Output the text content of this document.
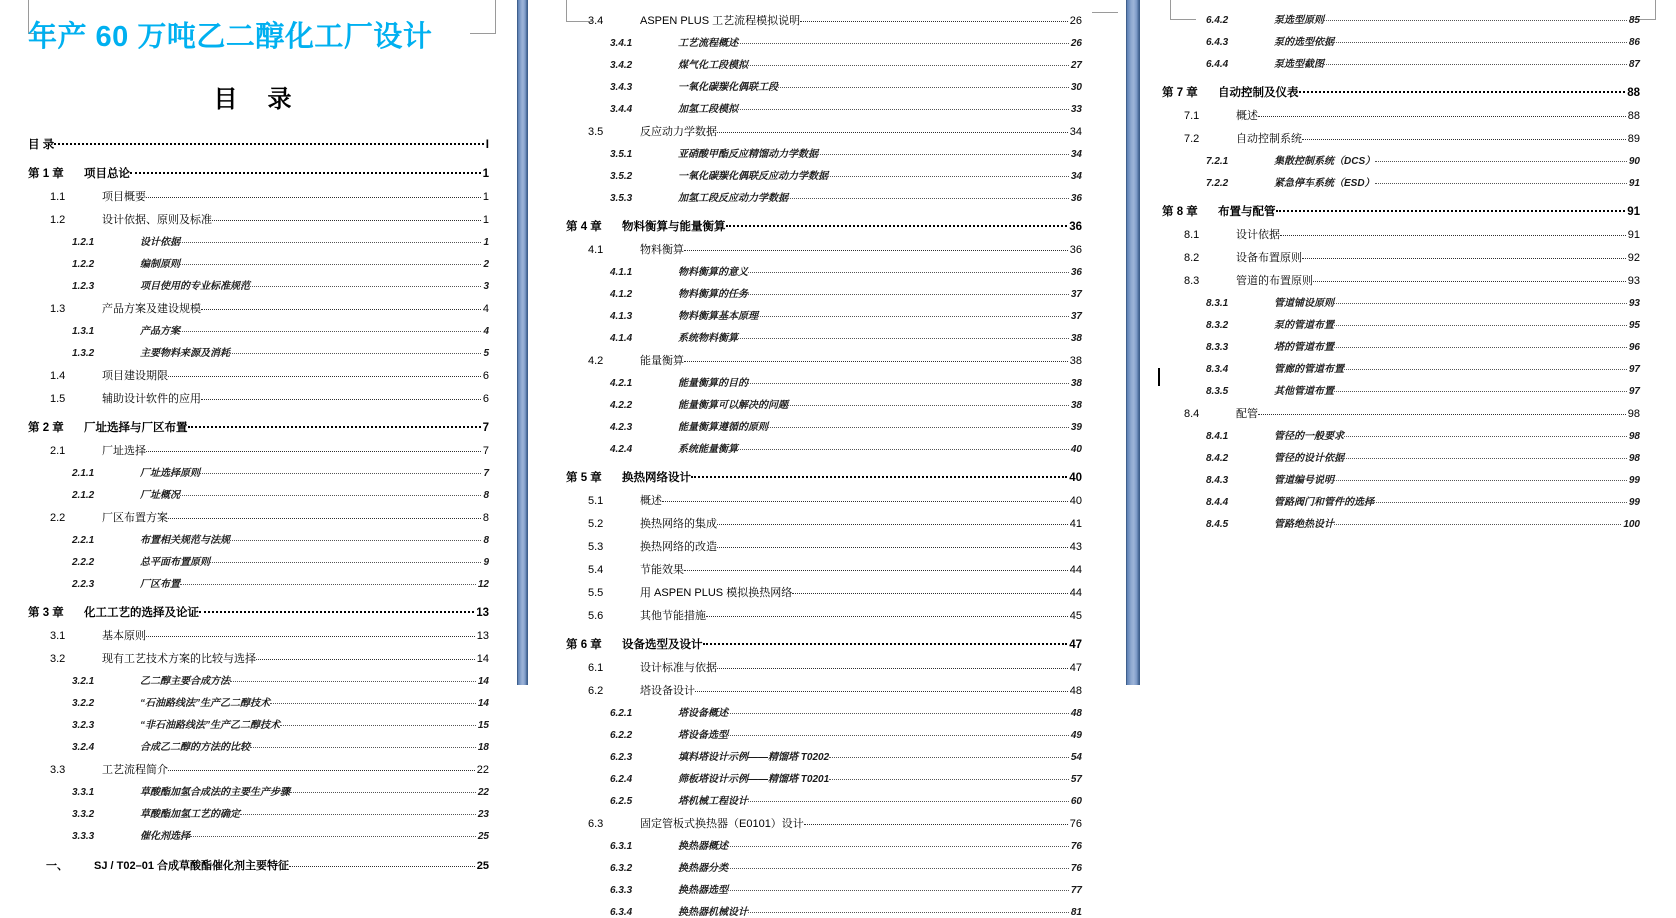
年产 60 万吨乙二醇化工厂设计
目 录
目 录	I
第 1 章	项目总论	1
1.1	项目概要	1
1.2	设计依据、原则及标准	1
1.2.1	设计依据	1
1.2.2	编制原则	2
1.2.3	项目使用的专业标准规范	3
1.3	产品方案及建设规模	4
1.3.1	产品方案	4
1.3.2	主要物料来源及消耗	5
1.4	项目建设期限	6
1.5	辅助设计软件的应用	6
第 2 章	厂址选择与厂区布置	7
2.1	厂址选择	7
2.1.1	厂址选择原则	7
2.1.2	厂址概况	8
2.2	厂区布置方案	8
2.2.1	布置相关规范与法规	8
2.2.2	总平面布置原则	9
2.2.3	厂区布置	12
第 3 章	化工工艺的选择及论证	13
3.1	基本原则	13
3.2	现有工艺技术方案的比较与选择	14
3.2.1	乙二醇主要合成方法	14
3.2.2	“石油路线法”生产乙二醇技术	14
3.2.3	“非石油路线法”生产乙二醇技术	15
3.2.4	合成乙二醇的方法的比较	18
3.3	工艺流程简介	22
3.3.1	草酸酯加氢合成法的主要生产步骤	22
3.3.2	草酸酯加氢工艺的确定	23
3.3.3	催化剂选择	25
一、	SJ / T02–01 合成草酸酯催化剂主要特征	25
3.4	ASPEN PLUS 工艺流程模拟说明	26
3.4.1	工艺流程概述	26
3.4.2	煤气化工段模拟	27
3.4.3	一氧化碳羰化偶联工段	30
3.4.4	加氢工段模拟	33
3.5	反应动力学数据	34
3.5.1	亚硝酸甲酯反应精馏动力学数据	34
3.5.2	一氧化碳羰化偶联反应动力学数据	34
3.5.3	加氢工段反应动力学数据	36
第 4 章	物料衡算与能量衡算	36
4.1	物料衡算	36
4.1.1	物料衡算的意义	36
4.1.2	物料衡算的任务	37
4.1.3	物料衡算基本原理	37
4.1.4	系统物料衡算	38
4.2	能量衡算	38
4.2.1	能量衡算的目的	38
4.2.2	能量衡算可以解决的问题	38
4.2.3	能量衡算遵循的原则	39
4.2.4	系统能量衡算	40
第 5 章	换热网络设计	40
5.1	概述	40
5.2	换热网络的集成	41
5.3	换热网络的改造	43
5.4	节能效果	44
5.5	用 ASPEN PLUS 模拟换热网络	44
5.6	其他节能措施	45
第 6 章	设备选型及设计	47
6.1	设计标准与依据	47
6.2	塔设备设计	48
6.2.1	塔设备概述	48
6.2.2	塔设备选型	49
6.2.3	填料塔设计示例——精馏塔 T0202	54
6.2.4	筛板塔设计示例——精馏塔 T0201	57
6.2.5	塔机械工程设计	60
6.3	固定管板式换热器（E0101）设计	76
6.3.1	换热器概述	76
6.3.2	换热器分类	76
6.3.3	换热器选型	77
6.3.4	换热器机械设计	81
6.4.2	泵选型原则	85
6.4.3	泵的选型依据	86
6.4.4	泵选型截图	87
第 7 章	自动控制及仪表	88
7.1	概述	88
7.2	自动控制系统	89
7.2.1	集散控制系统（DCS）	90
7.2.2	紧急停车系统（ESD）	91
第 8 章	布置与配管	91
8.1	设计依据	91
8.2	设备布置原则	92
8.3	管道的布置原则	93
8.3.1	管道铺设原则	93
8.3.2	泵的管道布置	95
8.3.3	塔的管道布置	96
8.3.4	管廊的管道布置	97
8.3.5	其他管道布置	97
8.4	配管	98
8.4.1	管径的一般要求	98
8.4.2	管径的设计依据	98
8.4.3	管道编号说明	99
8.4.4	管路阀门和管件的选择	99
8.4.5	管路绝热设计	100
